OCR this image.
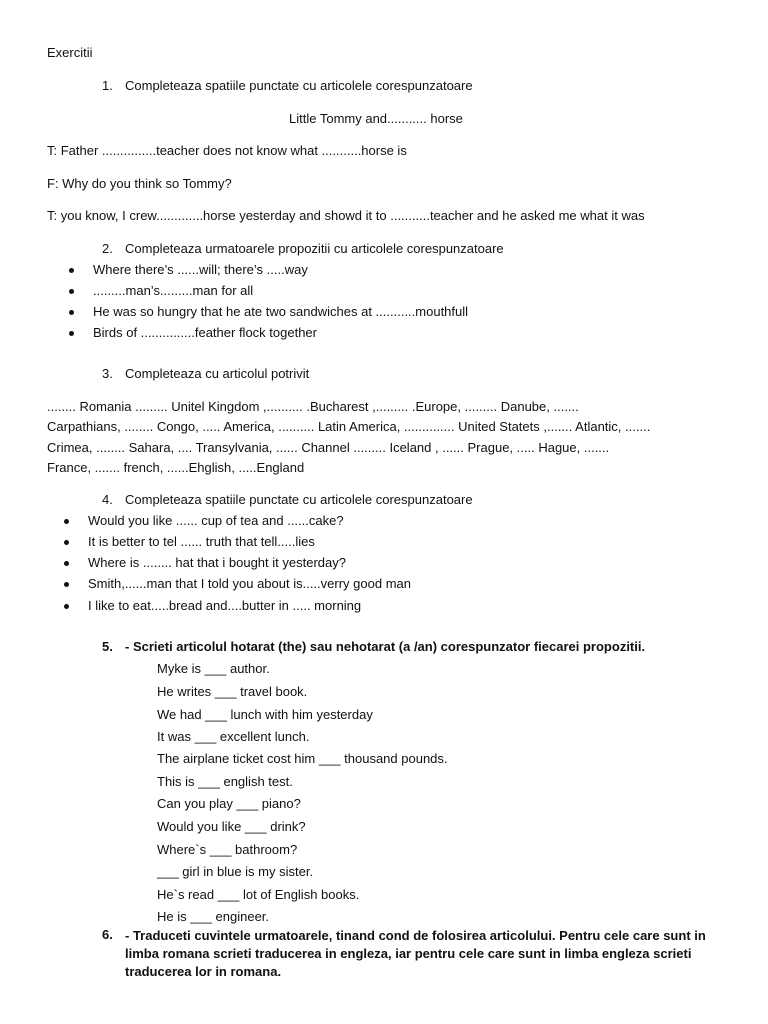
Exercitii
1. Completeaza spatiile punctate cu articolele corespunzatoare
Little Tommy and........... horse
T: Father ...............teacher does not know what ...........horse is
F: Why do you think so Tommy?
T: you know, I crew.............horse yesterday and showd it to ...........teacher and he asked me what it was
2. Completeaza urmatoarele propozitii cu articolele corespunzatoare
Where there’s ......will; there’s .....way
.........man’s.........man for all
He was so hungry that he ate two sandwiches at ...........mouthfull
Birds of ...............feather flock together
3. Completeaza cu articolul potrivit
........ Romania ......... Unitel Kingdom ,.......... .Bucharest ,......... .Europe, ......... Danube, .......
Carpathians, ........ Congo, ..... America, .......... Latin America, .............. United Statets ,....... Atlantic, .......
Crimea, ........ Sahara, .... Transylvania, ...... Channel ......... Iceland , ...... Prague, ..... Hague, .......
France, ....... french, ......Ehglish, .....England
4. Completeaza spatiile punctate cu articolele corespunzatoare
Would you like ...... cup of tea and ......cake?
It is better to tel ...... truth that tell.....lies
Where is ........ hat that i bought it yesterday?
Smith,......man that I told you about is.....verry good man
I like to eat.....bread and....butter in ..... morning
5. - Scrieti articolul hotarat (the) sau nehotarat (a /an) corespunzator fiecarei propozitii.
Myke is ___ author.
He writes ___ travel book.
We had ___ lunch with him yesterday
It was ___ excellent lunch.
The airplane ticket cost him ___ thousand pounds.
This is ___ english test.
Can you play ___ piano?
Would you like ___ drink?
Where`s ___ bathroom?
___ girl in blue is my sister.
He`s read ___ lot of English books.
He is ___ engineer.
6. - Traduceti cuvintele urmatoarele, tinand cond de folosirea articolului. Pentru cele care sunt in limba romana scrieti traducerea in engleza, iar pentru cele care sunt in limba engleza scrieti traducerea lor in romana.
